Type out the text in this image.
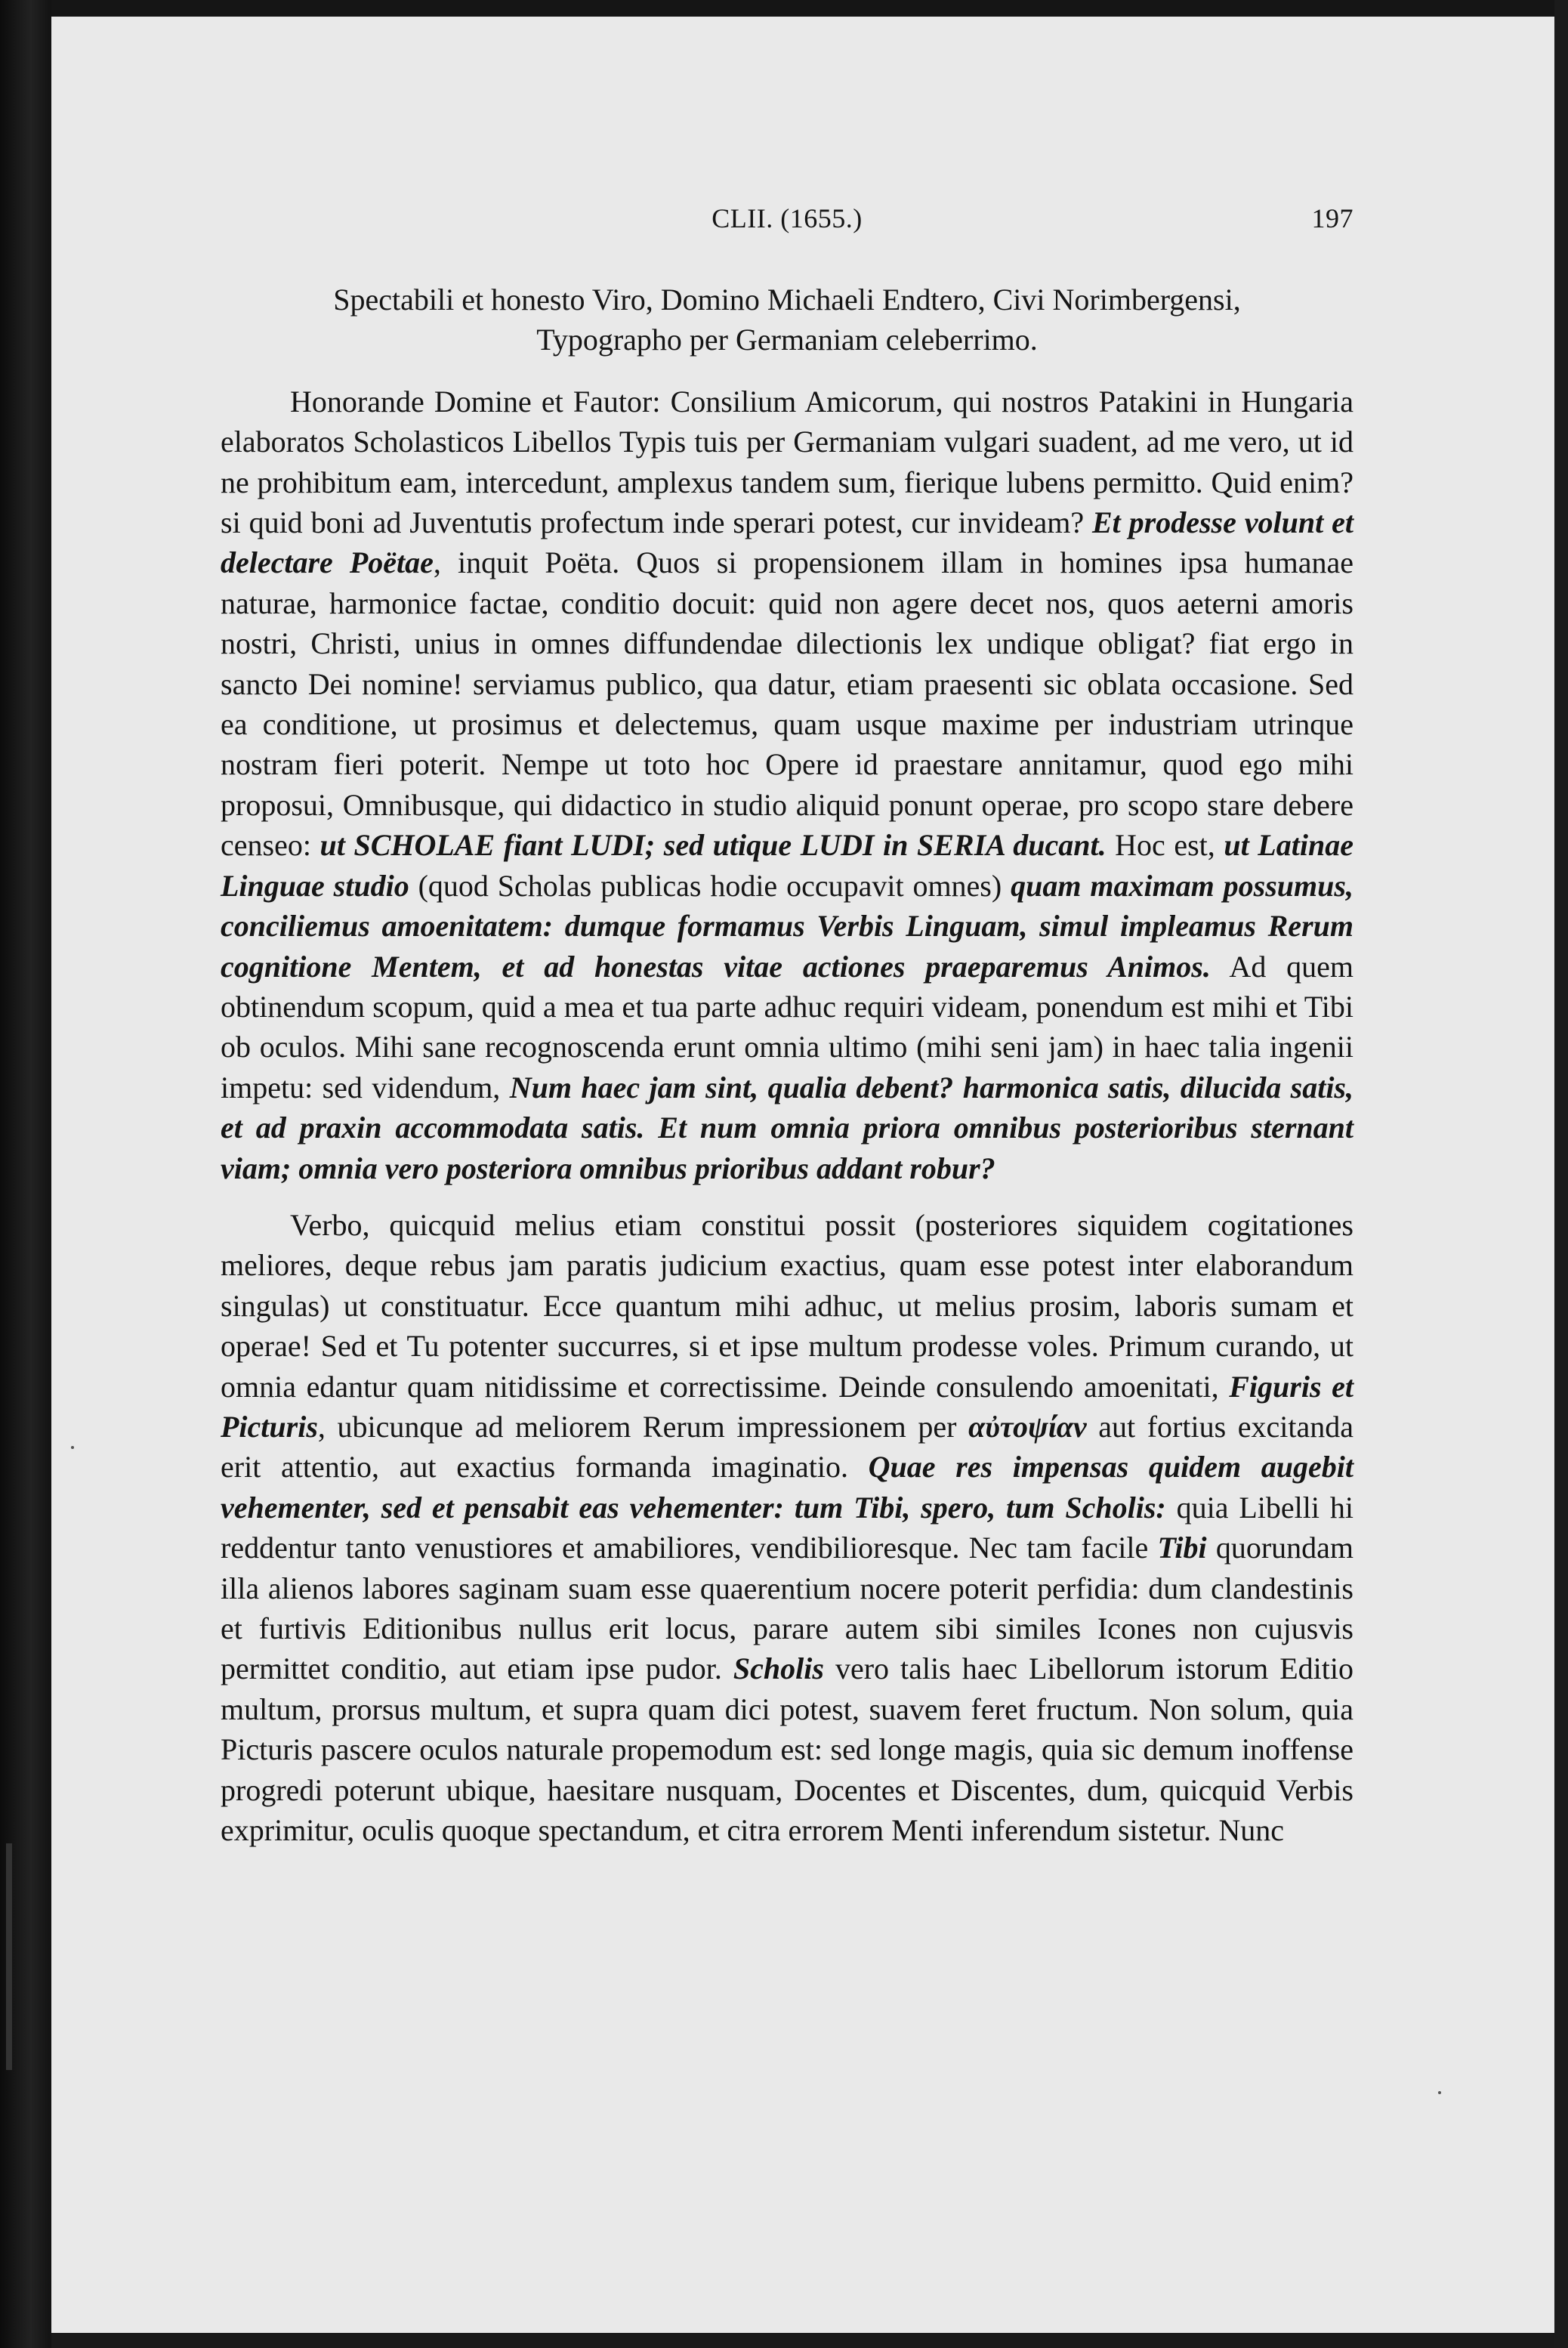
CLII. (1655.)	197

Spectabili et honesto Viro, Domino Michaeli Endtero, Civi Norimbergensi,
Typographo per Germaniam celeberrimo.

Honorande Domine et Fautor: Consilium Amicorum, qui nostros Patakini in Hungaria elaboratos Scholasticos Libellos Typis tuis per Germaniam vulgari suadent, ad me vero, ut id ne prohibitum eam, intercedunt, amplexus tandem sum, fierique lubens permitto. Quid enim? si quid boni ad Juventutis profectum inde sperari potest, cur invideam? Et prodesse volunt et delectare Poëtae, inquit Poëta. Quos si propensionem illam in homines ipsa humanae naturae, harmonice factae, conditio docuit: quid non agere decet nos, quos aeterni amoris nostri, Christi, unius in omnes diffundendae dilectionis lex undique obligat? fiat ergo in sancto Dei nomine! serviamus publico, qua datur, etiam praesenti sic oblata occasione. Sed ea conditione, ut prosimus et delectemus, quam usque maxime per industriam utrinque nostram fieri poterit. Nempe ut toto hoc Opere id praestare annitamur, quod ego mihi proposui, Omnibusque, qui didactico in studio aliquid ponunt operae, pro scopo stare debere censeo: ut SCHOLAE fiant LUDI; sed utique LUDI in SERIA ducant. Hoc est, ut Latinae Linguae studio (quod Scholas publicas hodie occupavit omnes) quam maximam possumus, conciliemus amoenitatem: dumque formamus Verbis Linguam, simul impleamus Rerum cognitione Mentem, et ad honestas vitae actiones praeparemus Animos. Ad quem obtinendum scopum, quid a mea et tua parte adhuc requiri videam, ponendum est mihi et Tibi ob oculos. Mihi sane recognoscenda erunt omnia ultimo (mihi seni jam) in haec talia ingenii impetu: sed videndum, Num haec jam sint, qualia debent? harmonica satis, dilucida satis, et ad praxin accommodata satis. Et num omnia priora omnibus posterioribus sternant viam; omnia vero posteriora omnibus prioribus addant robur?

Verbo, quicquid melius etiam constitui possit (posteriores siquidem cogitationes meliores, deque rebus jam paratis judicium exactius, quam esse potest inter elaborandum singulas) ut constituatur. Ecce quantum mihi adhuc, ut melius prosim, laboris sumam et operae! Sed et Tu potenter succurres, si et ipse multum prodesse voles. Primum curando, ut omnia edantur quam nitidissime et correctissime. Deinde consulendo amoenitati, Figuris et Picturis, ubicunque ad meliorem Rerum impressionem per αὐτοψίαν aut fortius excitanda erit attentio, aut exactius formanda imaginatio. Quae res impensas quidem augebit vehementer, sed et pensabit eas vehementer: tum Tibi, spero, tum Scholis: quia Libelli hi reddentur tanto venustiores et amabiliores, vendibilioresque. Nec tam facile Tibi quorundam illa alienos labores saginam suam esse quaerentium nocere poterit perfidia: dum clandestinis et furtivis Editionibus nullus erit locus, parare autem sibi similes Icones non cujusvis permittet conditio, aut etiam ipse pudor. Scholis vero talis haec Libellorum istorum Editio multum, prorsus multum, et supra quam dici potest, suavem feret fructum. Non solum, quia Picturis pascere oculos naturale propemodum est: sed longe magis, quia sic demum inoffense progredi poterunt ubique, haesitare nusquam, Docentes et Discentes, dum, quicquid Verbis exprimitur, oculis quoque spectandum, et citra errorem Menti inferendum sistetur. Nunc
